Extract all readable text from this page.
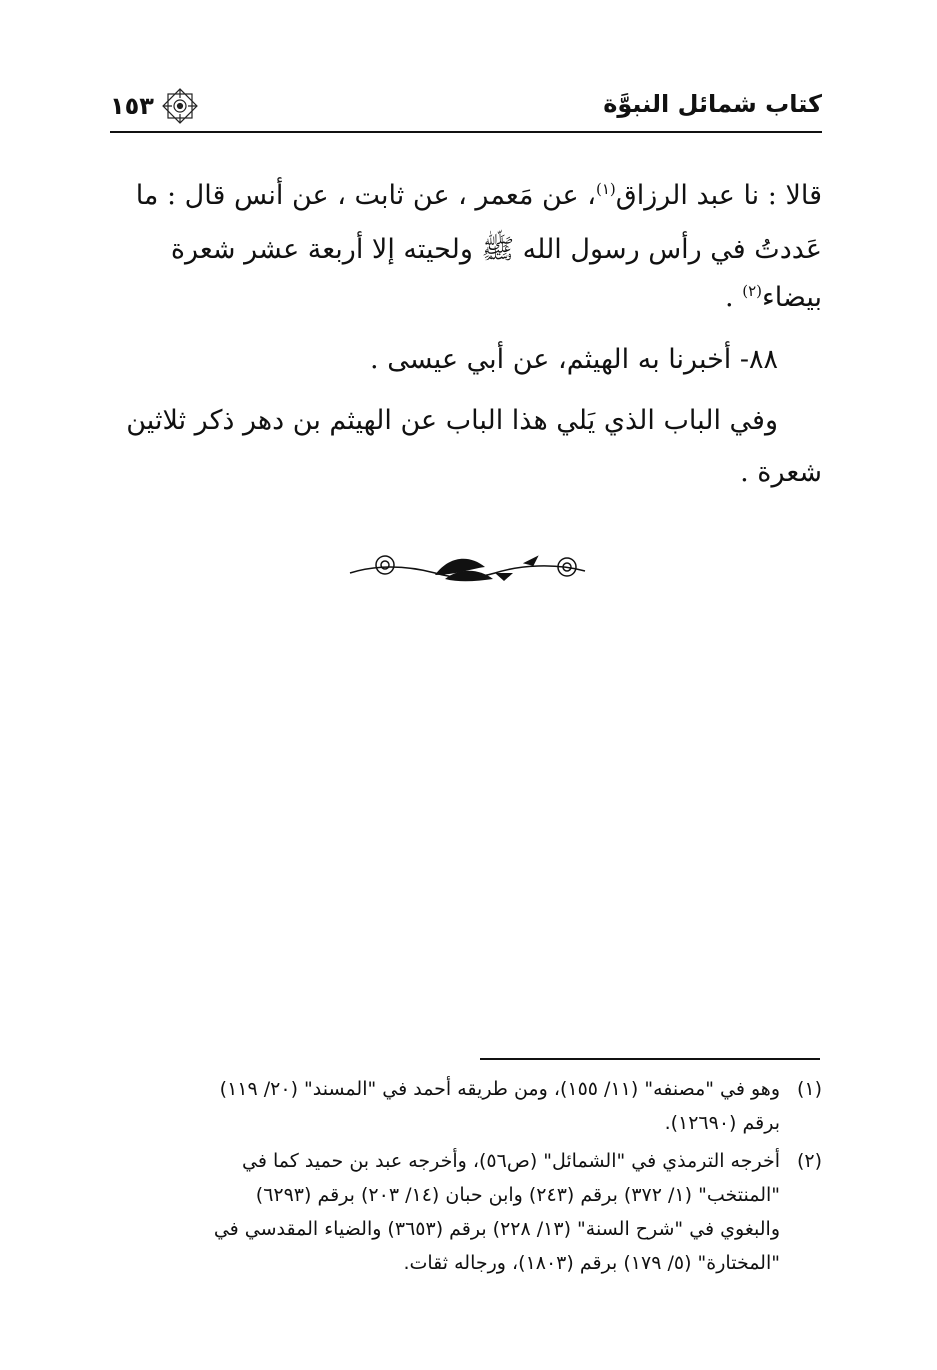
كتاب شمائل النبوَّة
١٥٣
قالا : نا عبد الرزاق$^{(١)}$، عن مَعمر ، عن ثابت ، عن أنس قال : ما
عَددتُ في رأس رسول الله ﷺ ولحيته إلا أربعة عشر شعرة
بيضاء$^{(٢)}$ .
٨٨- أخبرنا به الهيثم، عن أبي عيسى .
وفي الباب الذي يَلي هذا الباب عن الهيثم بن دهر ذكر ثلاثين
شعرة .
(١)
وهو في "مصنفه" (١١/ ١٥٥)، ومن طريقه أحمد في "المسند" (٢٠/ ١١٩)
برقم (١٢٦٩٠).
(٢)
أخرجه الترمذي في "الشمائل" (ص٥٦)، وأخرجه عبد بن حميد كما في
"المنتخب" (١/ ٣٧٢) برقم (٢٤٣) وابن حبان (١٤/ ٢٠٣) برقم (٦٢٩٣)
والبغوي في "شرح السنة" (١٣/ ٢٢٨) برقم (٣٦٥٣) والضياء المقدسي في
"المختارة" (٥/ ١٧٩) برقم (١٨٠٣)، ورجاله ثقات.
